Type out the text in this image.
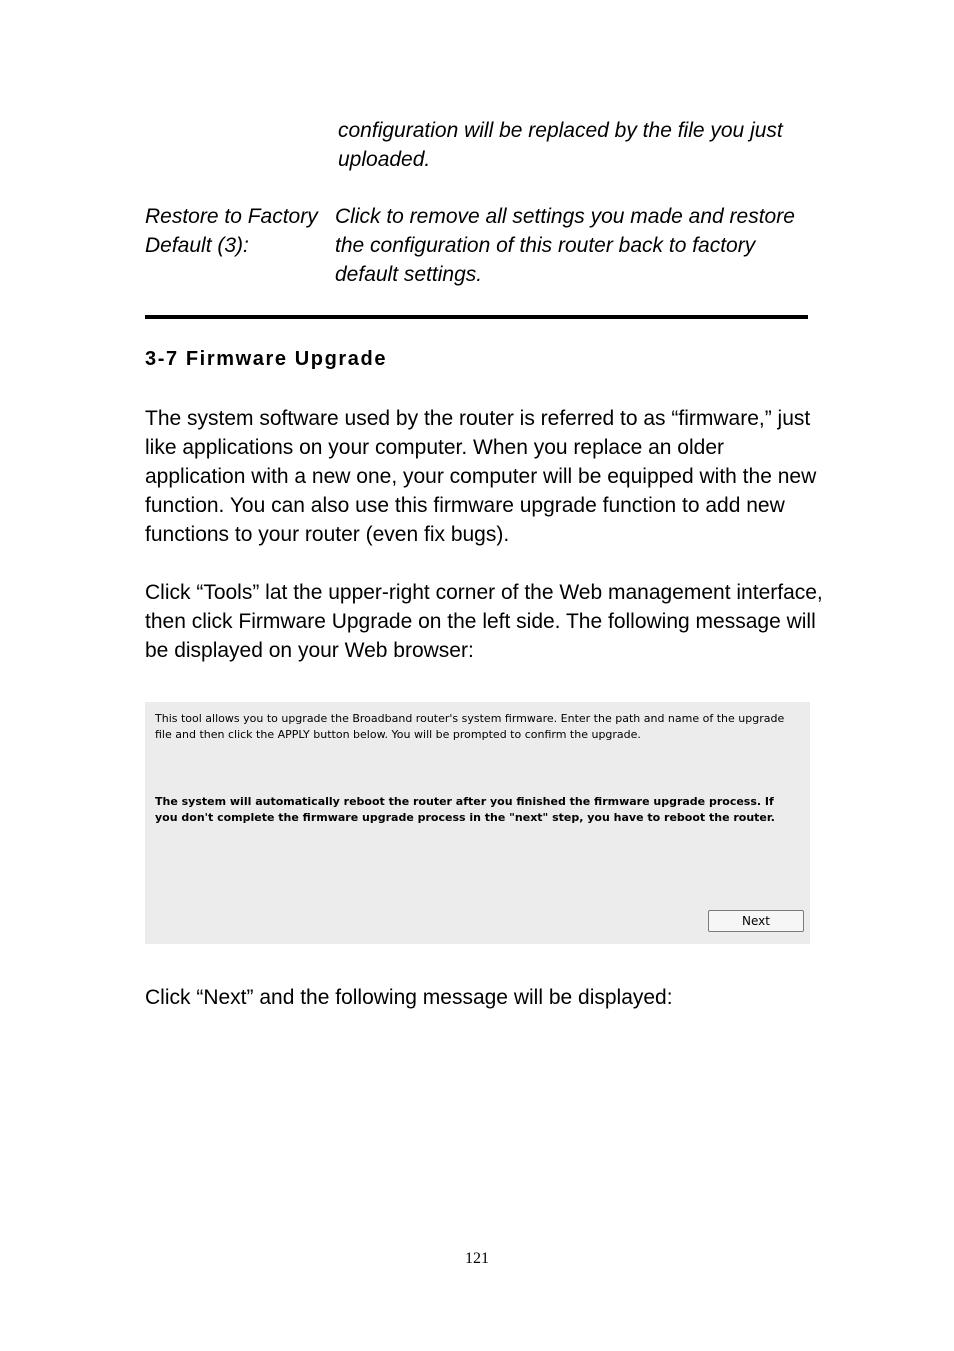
configuration will be replaced by the file you just uploaded.
Restore to Factory Default (3):
Click to remove all settings you made and restore the configuration of this router back to factory default settings.
3-7 Firmware Upgrade
The system software used by the router is referred to as “firmware,” just like applications on your computer. When you replace an older application with a new one, your computer will be equipped with the new function. You can also use this firmware upgrade function to add new functions to your router (even fix bugs).
Click “Tools” lat the upper-right corner of the Web management interface, then click Firmware Upgrade on the left side. The following message will be displayed on your Web browser:
This tool allows you to upgrade the Broadband router's system firmware. Enter the path and name of the upgrade file and then click the APPLY button below. You will be prompted to confirm the upgrade.
The system will automatically reboot the router after you finished the firmware upgrade process. If you don't complete the firmware upgrade process in the "next" step, you have to reboot the router.
Next
Click “Next” and the following message will be displayed:
121
